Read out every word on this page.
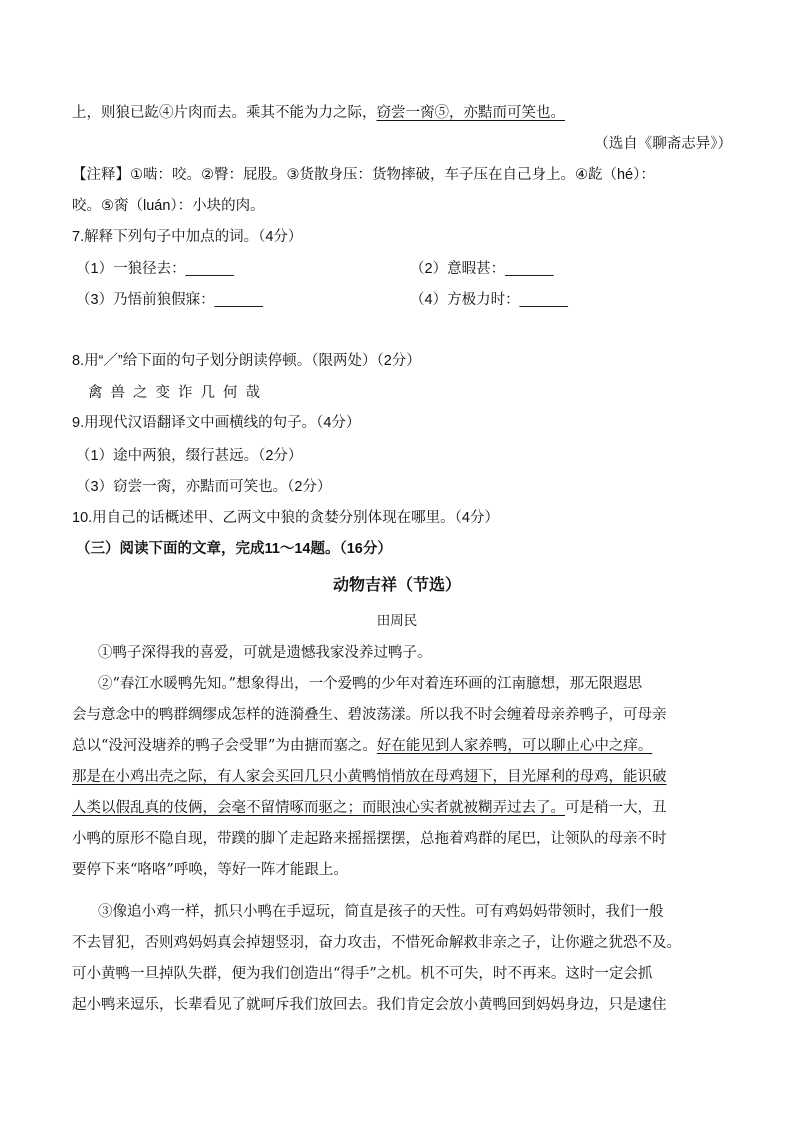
上，则狼已龁④片肉而去。乘其不能为力之际，窃尝一脔⑤，亦黠而可笑也。
（选自《聊斋志异》）
【注释】①啮：咬。②臀：屁股。③货散身压：货物摔破，车子压在自己身上。④龁（hé）：
咬。⑤脔（luán）：小块的肉。
7.解释下列句子中加点的词。（4分）
（1）一狼径去：______	（2）意暇甚：______
（3）乃悟前狼假寐：______	（4）方极力时：______
8.用“／”给下面的句子划分朗读停顿。（限两处）（2分）
禽兽之变诈几何哉
9.用现代汉语翻译文中画横线的句子。（4分）
（1）途中两狼，缀行甚远。（2分）
（3）窃尝一脔，亦黠而可笑也。（2分）
10.用自己的话概述甲、乙两文中狼的贪婪分别体现在哪里。（4分）
（三）阅读下面的文章，完成11～14题。（16分）
动物吉祥（节选）
田周民
①鸭子深得我的喜爱，可就是遗憾我家没养过鸭子。
②“春江水暖鸭先知。”想象得出，一个爱鸭的少年对着连环画的江南臆想，那无限遐思
会与意念中的鸭群绸缪成怎样的涟漪叠生、碧波荡漾。所以我不时会缠着母亲养鸭子，可母亲
总以“没河没塘养的鸭子会受罪”为由搪而塞之。好在能见到人家养鸭，可以聊止心中之痒。
那是在小鸡出壳之际，有人家会买回几只小黄鸭悄悄放在母鸡翅下，目光犀利的母鸡，能识破
人类以假乱真的伎俩，会毫不留情啄而驱之；而眼浊心实者就被糊弄过去了。可是稍一大，丑
小鸭的原形不隐自现，带蹼的脚丫走起路来摇摇摆摆，总拖着鸡群的尾巴，让领队的母亲不时
要停下来“咯咯”呼唤，等好一阵才能跟上。
③像追小鸡一样，抓只小鸭在手逗玩，简直是孩子的天性。可有鸡妈妈带领时，我们一般
不去冒犯，否则鸡妈妈真会掉翅竖羽，奋力攻击，不惜死命解救非亲之子，让你避之犹恐不及。
可小黄鸭一旦掉队失群，便为我们创造出“得手”之机。机不可失，时不再来。这时一定会抓
起小鸭来逗乐，长辈看见了就呵斥我们放回去。我们肯定会放小黄鸭回到妈妈身边，只是逮住
